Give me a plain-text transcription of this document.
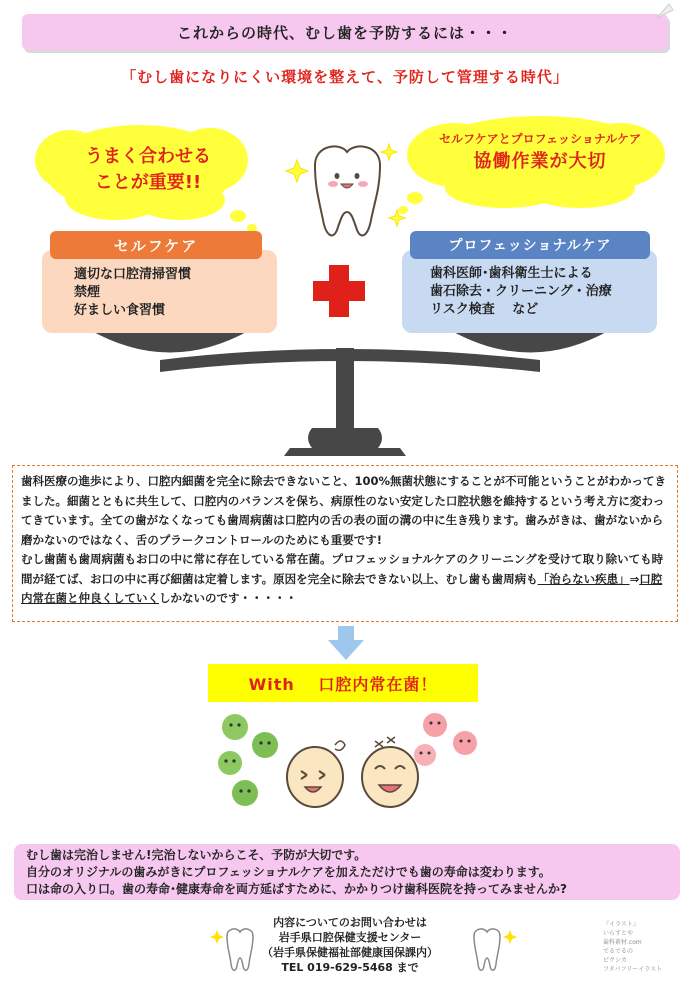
これからの時代、むし歯を予防するには・・・
「むし歯になりにくい環境を整えて、予防して管理する時代」
うまく合わせる
ことが重要!!
セルフケアとプロフェッショナルケア
協働作業が大切
セルフケア
適切な口腔清掃習慣
禁煙
好ましい食習慣
プロフェッショナルケア
歯科医師･歯科衛生士による
歯石除去・クリーニング・治療
リスク検査　 など
歯科医療の進歩により、口腔内細菌を完全に除去できないこと、100%無菌状態にすることが不可能ということがわかってきました。細菌とともに共生して、口腔内のバランスを保ち、病原性のない安定した口腔状態を維持するという考え方に変わってきています。全ての歯がなくなっても歯周病菌は口腔内の舌の表の面の溝の中に生き残ります。歯みがきは、歯がないから磨かないのではなく、舌のプラークコントロールのためにも重要です!
むし歯菌も歯周病菌もお口の中に常に存在している常在菌。プロフェッショナルケアのクリーニングを受けて取り除いても時間が経てば、お口の中に再び細菌は定着します。原因を完全に除去できない以上、むし歯も歯周病も「治らない疾患」⇒口腔内常在菌と仲良くしていくしかないのです・・・・・
With　 口腔内常在菌！
むし歯は完治しません!完治しないからこそ、予防が大切です。
自分のオリジナルの歯みがきにプロフェッショナルケアを加えただけでも歯の寿命は変わります。
口は命の入り口。歯の寿命･健康寿命を両方延ばすために、かかりつけ歯科医院を持ってみませんか?
内容についてのお問い合わせは
岩手県口腔保健支援センター
（岩手県保健福祉部健康国保課内）
TEL 019-629-5468 まで
『イラスト』
いらすとや
歯科素材.com
でるでるの
ピクシカ
フタバフリーイラスト
